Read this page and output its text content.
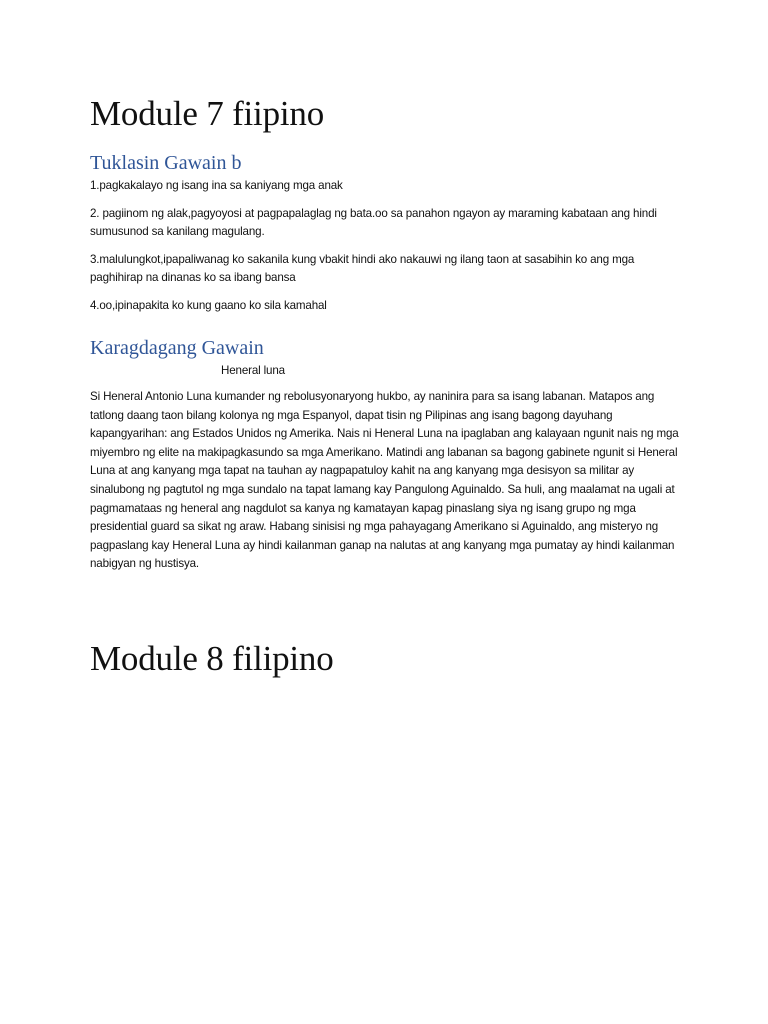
Module 7 fiipino
Tuklasin Gawain b

1.pagkakalayo ng isang ina sa kaniyang mga anak

2. pagiinom ng alak,pagyoyosi at pagpapalaglag ng bata.oo sa panahon ngayon ay maraming kabataan ang hindi sumusunod sa kanilang magulang.

3.malulungkot,ipapaliwanag ko sakanila kung vbakit hindi ako nakauwi ng ilang taon at sasabihin ko ang mga paghihirap na dinanas ko sa ibang bansa

4.oo,ipinapakita ko kung gaano ko sila kamahal

Karagdagang Gawain

Heneral luna

Si Heneral Antonio Luna kumander ng rebolusyonaryong hukbo, ay naninira para sa isang labanan. Matapos ang tatlong daang taon bilang kolonya ng mga Espanyol, dapat tisin ng Pilipinas ang isang bagong dayuhang kapangyarihan: ang Estados Unidos ng Amerika. Nais ni Heneral Luna na ipaglaban ang kalayaan ngunit nais ng mga miyembro ng elite na makipagkasundo sa mga Amerikano. Matindi ang labanan sa bagong gabinete ngunit si Heneral Luna at ang kanyang mga tapat na tauhan ay nagpapatuloy kahit na ang kanyang mga desisyon sa militar ay sinalubong ng pagtutol ng mga sundalo na tapat lamang kay Pangulong Aguinaldo. Sa huli, ang maalamat na ugali at pagmamataas ng heneral ang nagdulot sa kanya ng kamatayan kapag pinaslang siya ng isang grupo ng mga presidential guard sa sikat ng araw. Habang sinisisi ng mga pahayagang Amerikano si Aguinaldo, ang misteryo ng pagpaslang kay Heneral Luna ay hindi kailanman ganap na nalutas at ang kanyang mga pumatay ay hindi kailanman nabigyan ng hustisya.

Module 8 filipino
